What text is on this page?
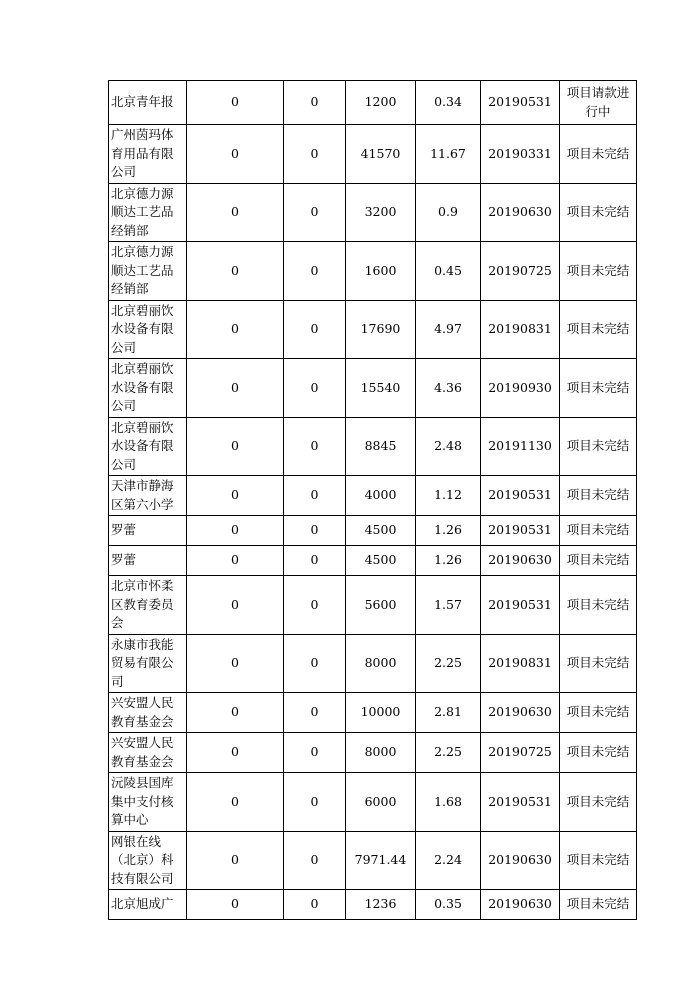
北京青年报	0	0	1200	0.34	20190531	项目请款进行中
广州茵玛体育用品有限公司	0	0	41570	11.67	20190331	项目未完结
北京德力源顺达工艺品经销部	0	0	3200	0.9	20190630	项目未完结
北京德力源顺达工艺品经销部	0	0	1600	0.45	20190725	项目未完结
北京碧丽饮水设备有限公司	0	0	17690	4.97	20190831	项目未完结
北京碧丽饮水设备有限公司	0	0	15540	4.36	20190930	项目未完结
北京碧丽饮水设备有限公司	0	0	8845	2.48	20191130	项目未完结
天津市静海区第六小学	0	0	4000	1.12	20190531	项目未完结
罗蕾	0	0	4500	1.26	20190531	项目未完结
罗蕾	0	0	4500	1.26	20190630	项目未完结
北京市怀柔区教育委员会	0	0	5600	1.57	20190531	项目未完结
永康市我能贸易有限公司	0	0	8000	2.25	20190831	项目未完结
兴安盟人民教育基金会	0	0	10000	2.81	20190630	项目未完结
兴安盟人民教育基金会	0	0	8000	2.25	20190725	项目未完结
沅陵县国库集中支付核算中心	0	0	6000	1.68	20190531	项目未完结
网银在线（北京）科技有限公司	0	0	7971.44	2.24	20190630	项目未完结
北京旭成广	0	0	1236	0.35	20190630	项目未完结
